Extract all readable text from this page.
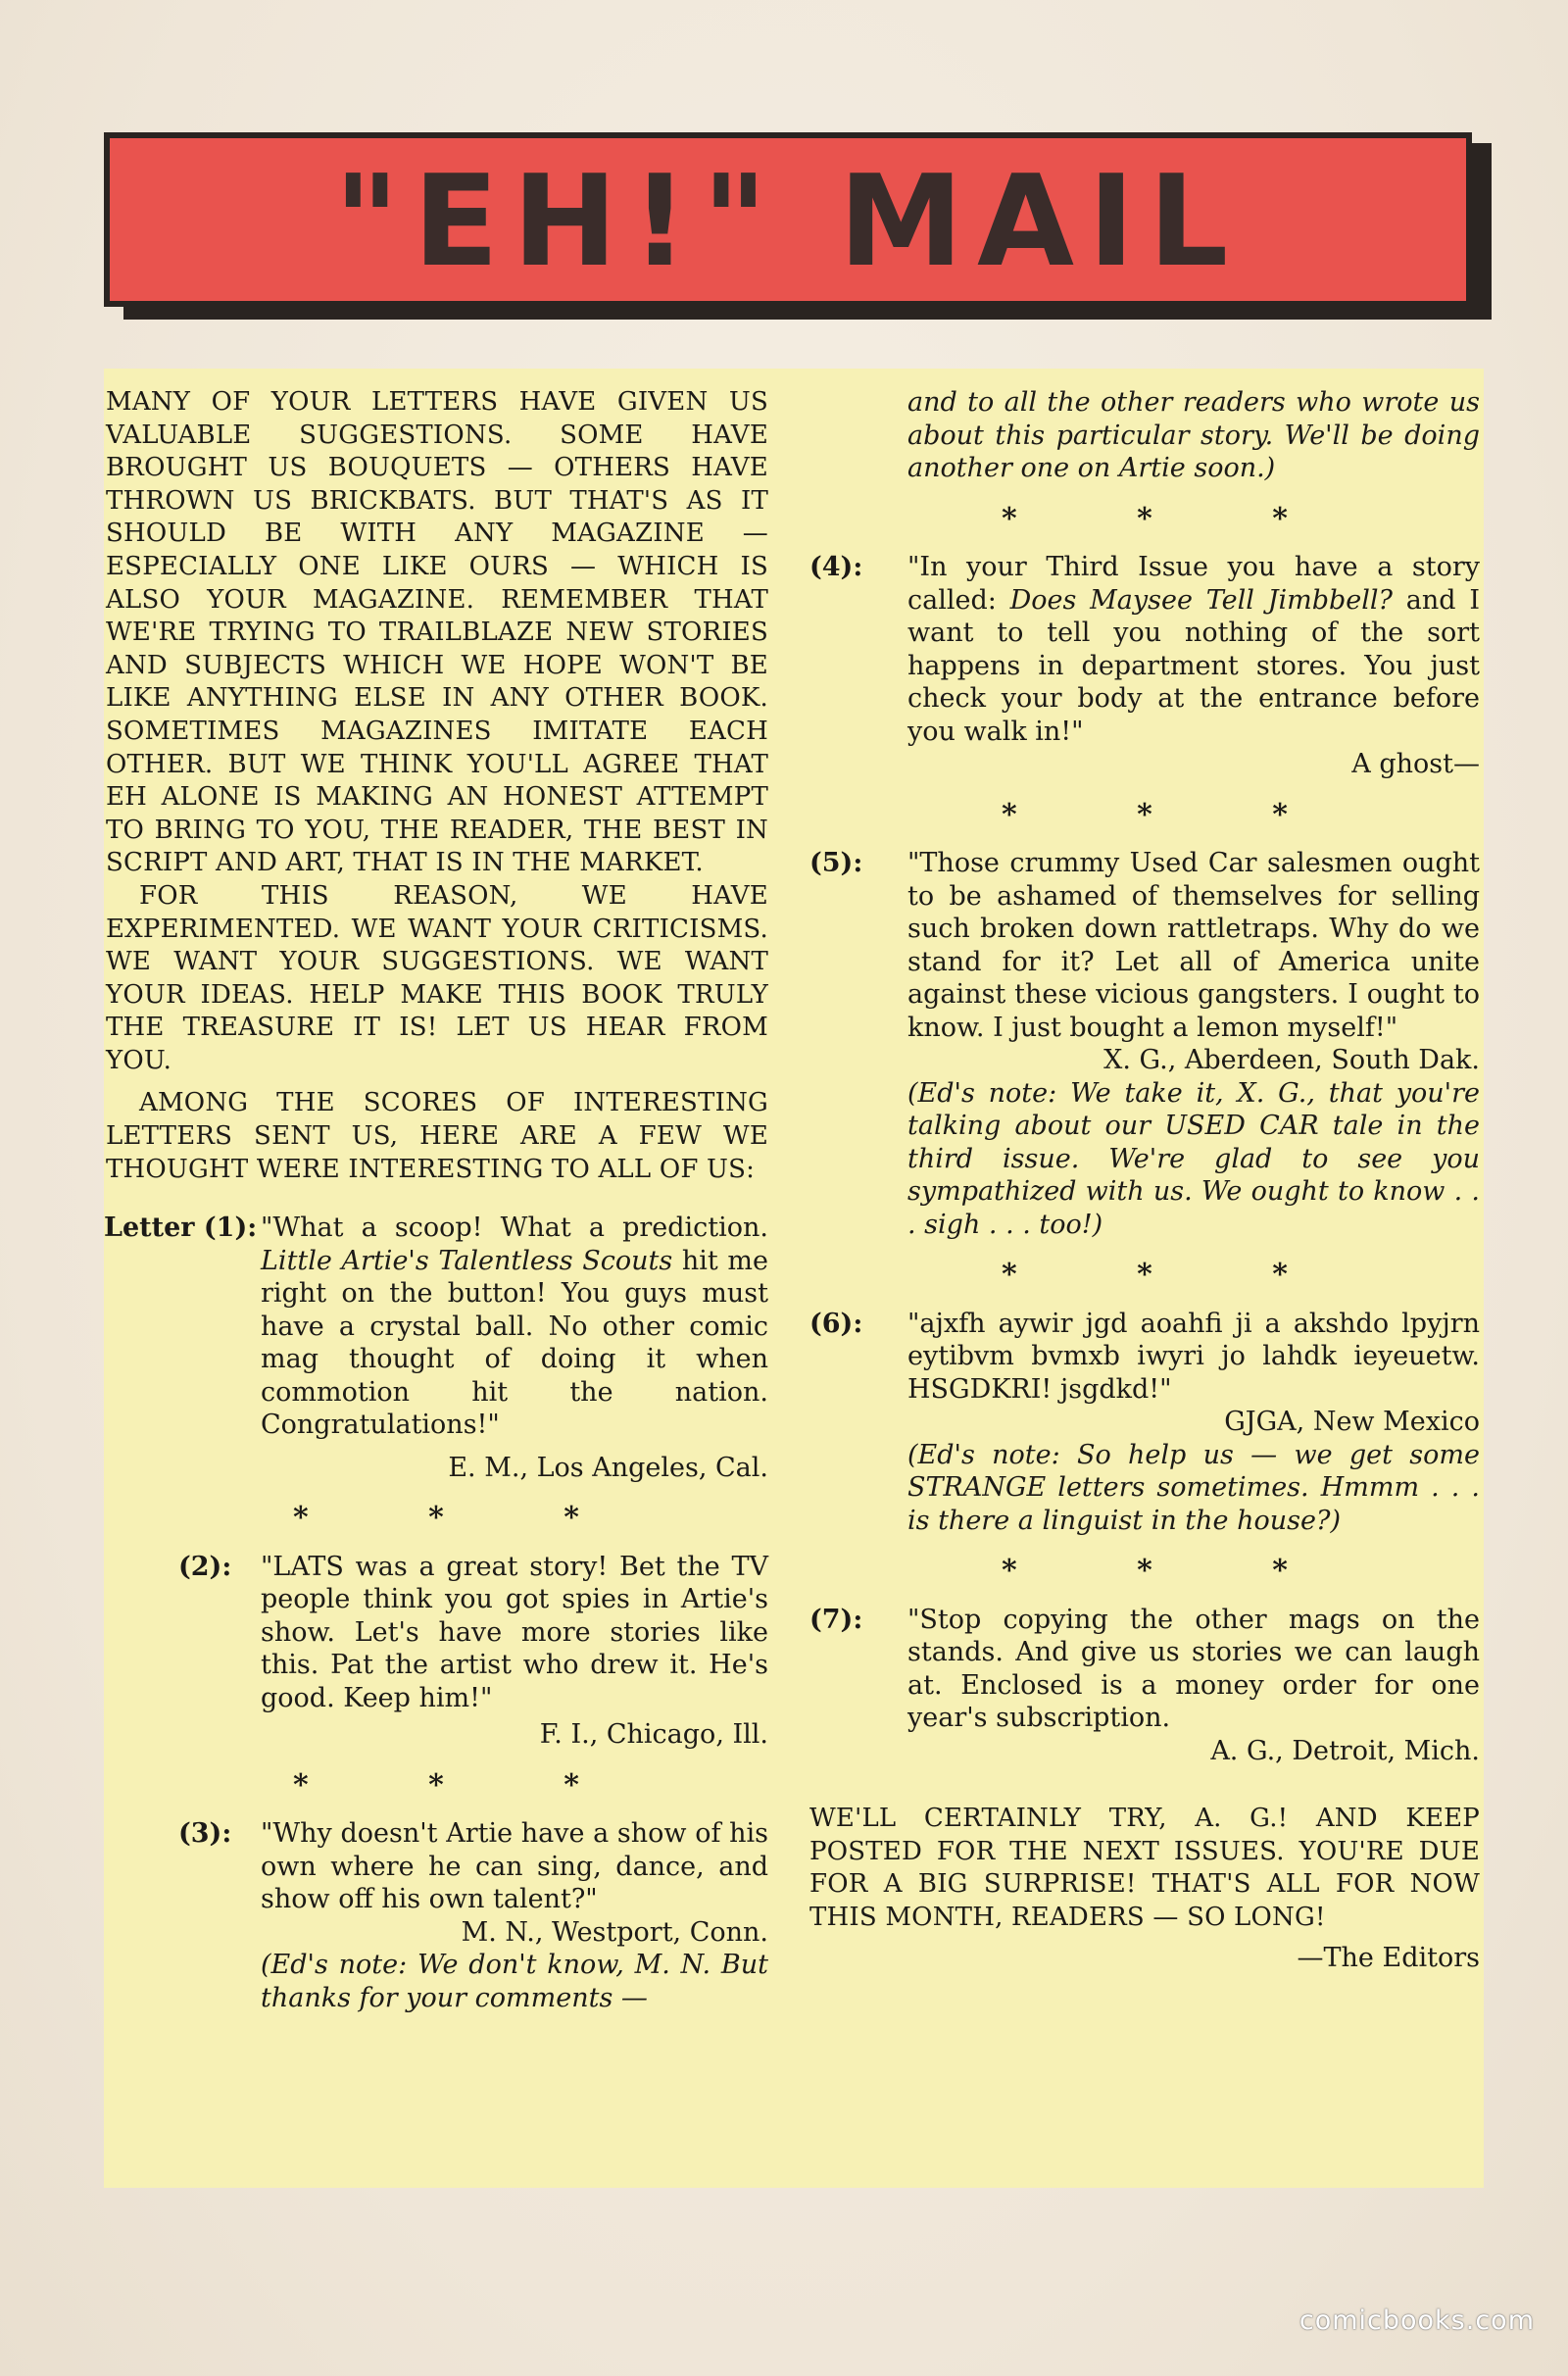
"EH!" MAIL

MANY OF YOUR LETTERS HAVE GIVEN US VALUABLE SUGGESTIONS. SOME HAVE BROUGHT US BOUQUETS — OTHERS HAVE THROWN US BRICKBATS. BUT THAT'S AS IT SHOULD BE WITH ANY MAGAZINE — ESPECIALLY ONE LIKE OURS — WHICH IS ALSO YOUR MAGAZINE. REMEMBER THAT WE'RE TRYING TO TRAILBLAZE NEW STORIES AND SUBJECTS WHICH WE HOPE WON'T BE LIKE ANYTHING ELSE IN ANY OTHER BOOK. SOMETIMES MAGAZINES IMITATE EACH OTHER. BUT WE THINK YOU'LL AGREE THAT EH ALONE IS MAKING AN HONEST ATTEMPT TO BRING TO YOU, THE READER, THE BEST IN SCRIPT AND ART, THAT IS IN THE MARKET.

FOR THIS REASON, WE HAVE EXPERIMENTED. WE WANT YOUR CRITICISMS. WE WANT YOUR SUGGESTIONS. WE WANT YOUR IDEAS. HELP MAKE THIS BOOK TRULY THE TREASURE IT IS! LET US HEAR FROM YOU.

AMONG THE SCORES OF INTERESTING LETTERS SENT US, HERE ARE A FEW WE THOUGHT WERE INTERESTING TO ALL OF US:

Letter (1): "What a scoop! What a prediction. Little Artie's Talentless Scouts hit me right on the button! You guys must have a crystal ball. No other comic mag thought of doing it when commotion hit the nation. Congratulations!"
E. M., Los Angeles, Cal.
* * *
(2): "LATS was a great story! Bet the TV people think you got spies in Artie's show. Let's have more stories like this. Pat the artist who drew it. He's good. Keep him!"
F. I., Chicago, Ill.
* * *
(3): "Why doesn't Artie have a show of his own where he can sing, dance, and show off his own talent?"
M. N., Westport, Conn.
(Ed's note: We don't know, M. N. But thanks for your comments —
and to all the other readers who wrote us about this particular story. We'll be doing another one on Artie soon.)
* * *
(4): "In your Third Issue you have a story called: Does Maysee Tell Jimbbell? and I want to tell you nothing of the sort happens in department stores. You just check your body at the entrance before you walk in!"
A ghost—
* * *
(5): "Those crummy Used Car salesmen ought to be ashamed of themselves for selling such broken down rattletraps. Why do we stand for it? Let all of America unite against these vicious gangsters. I ought to know. I just bought a lemon myself!"
X. G., Aberdeen, South Dak.
(Ed's note: We take it, X. G., that you're talking about our USED CAR tale in the third issue. We're glad to see you sympathized with us. We ought to know . . . sigh . . . too!)
* * *
(6): "ajxfh aywir jgd aoahfi ji a akshdo lpyjrn eytibvm bvmxb iwyri jo lahdk ieyeuetw. HSGDKRI! jsgdkd!"
GJGA, New Mexico
(Ed's note: So help us — we get some STRANGE letters sometimes. Hmmm . . . is there a linguist in the house?)
* * *
(7): "Stop copying the other mags on the stands. And give us stories we can laugh at. Enclosed is a money order for one year's subscription.
A. G., Detroit, Mich.

WE'LL CERTAINLY TRY, A. G.! AND KEEP POSTED FOR THE NEXT ISSUES. YOU'RE DUE FOR A BIG SURPRISE! THAT'S ALL FOR NOW THIS MONTH, READERS — SO LONG!

—The Editors
comicbooks.com
